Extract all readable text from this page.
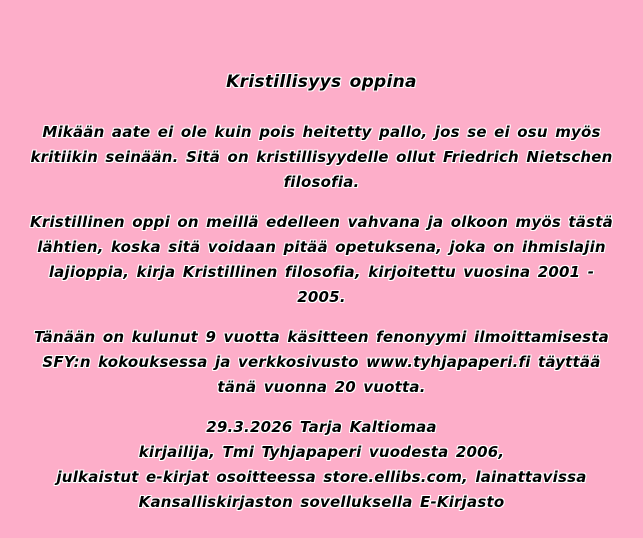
Kristillisyys oppina
Mikään aate ei ole kuin pois heitetty pallo, jos se ei osu myös
kritiikin seinään. Sitä on kristillisyydelle ollut Friedrich Nietschen
filosofia.
Kristillinen oppi on meillä edelleen vahvana ja olkoon myös tästä
lähtien, koska sitä voidaan pitää opetuksena, joka on ihmislajin
lajioppia, kirja Kristillinen filosofia, kirjoitettu vuosina 2001 -
2005.
Tänään on kulunut 9 vuotta käsitteen fenonyymi ilmoittamisesta
SFY:n kokouksessa ja verkkosivusto www.tyhjapaperi.fi täyttää
tänä vuonna 20 vuotta.
29.3.2026 Tarja Kaltiomaa
kirjailija, Tmi Tyhjapaperi vuodesta 2006,
julkaistut e-kirjat osoitteessa store.ellibs.com, lainattavissa
Kansalliskirjaston sovelluksella E-Kirjasto
